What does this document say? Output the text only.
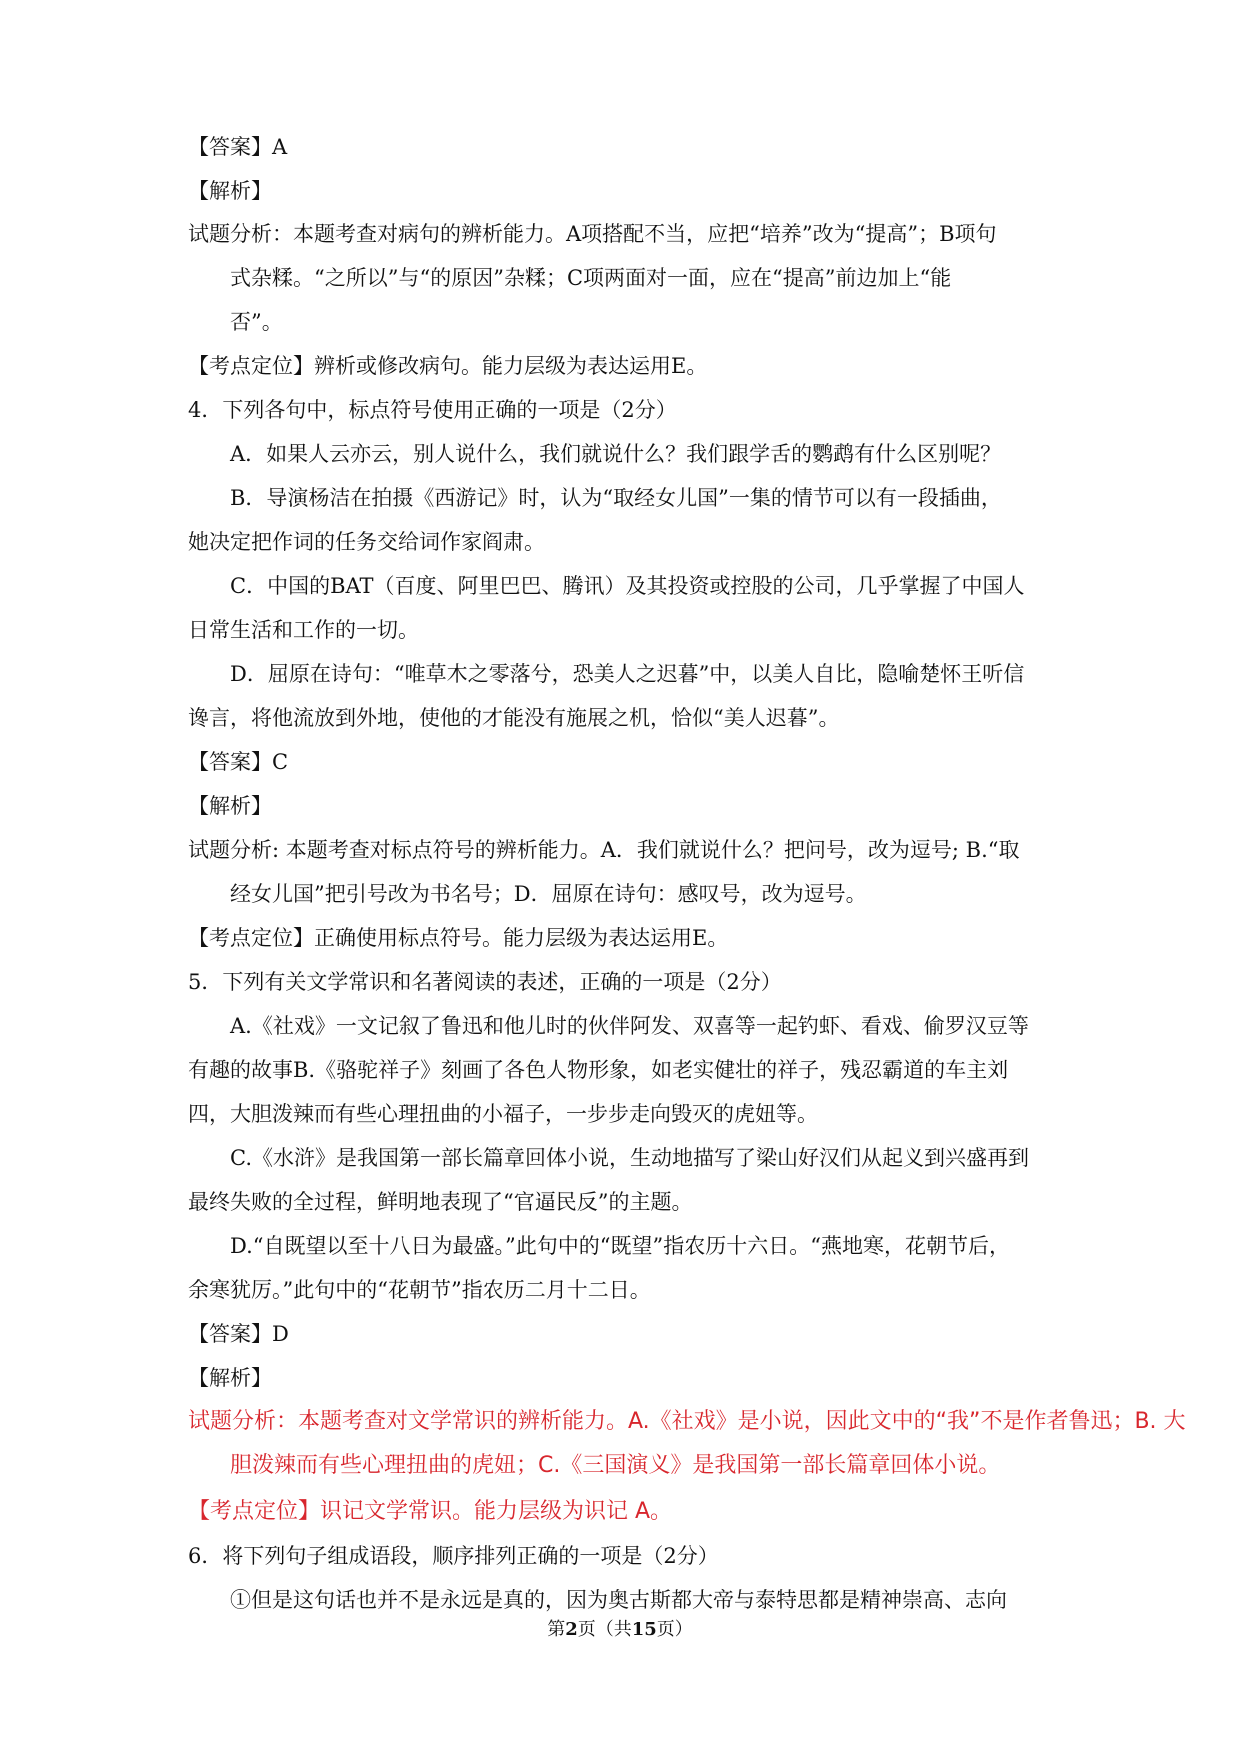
【答案】A
【解析】
试题分析：本题考查对病句的辨析能力。A项搭配不当，应把“培养”改为“提高”；B项句
式杂糅。“之所以”与“的原因”杂糅；C项两面对一面，应在“提高”前边加上“能
否”。
【考点定位】辨析或修改病句。能力层级为表达运用E。
4．下列各句中，标点符号使用正确的一项是（2分）
A．如果人云亦云，别人说什么，我们就说什么？我们跟学舌的鹦鹉有什么区别呢？
B．导演杨洁在拍摄《西游记》时，认为“取经女儿国”一集的情节可以有一段插曲，
她决定把作词的任务交给词作家阎肃。
C．中国的BAT（百度、阿里巴巴、腾讯）及其投资或控股的公司，几乎掌握了中国人
日常生活和工作的一切。
D．屈原在诗句：“唯草木之零落兮，恐美人之迟暮”中，以美人自比，隐喻楚怀王听信
谗言，将他流放到外地，使他的才能没有施展之机，恰似“美人迟暮”。
【答案】C
【解析】
试题分析: 本题考查对标点符号的辨析能力。A．我们就说什么？把问号，改为逗号; B.“取
经女儿国”把引号改为书名号；D．屈原在诗句：感叹号，改为逗号。
【考点定位】正确使用标点符号。能力层级为表达运用E。
5．下列有关文学常识和名著阅读的表述，正确的一项是（2分）
A.《社戏》一文记叙了鲁迅和他儿时的伙伴阿发、双喜等一起钓虾、看戏、偷罗汉豆等
有趣的故事B.《骆驼祥子》刻画了各色人物形象，如老实健壮的祥子，残忍霸道的车主刘
四，大胆泼辣而有些心理扭曲的小福子，一步步走向毁灭的虎妞等。
C.《水浒》是我国第一部长篇章回体小说，生动地描写了梁山好汉们从起义到兴盛再到
最终失败的全过程，鲜明地表现了“官逼民反”的主题。
D.“自既望以至十八日为最盛。”此句中的“既望”指农历十六日。“燕地寒，花朝节后，
余寒犹厉。”此句中的“花朝节”指农历二月十二日。
【答案】D
【解析】
试题分析：本题考查对文学常识的辨析能力。A.《社戏》是小说，因此文中的“我”不是作者鲁迅；B. 大
胆泼辣而有些心理扭曲的虎妞；C.《三国演义》是我国第一部长篇章回体小说。
【考点定位】识记文学常识。能力层级为识记 A。
6．将下列句子组成语段，顺序排列正确的一项是（2分）
①但是这句话也并不是永远是真的，因为奥古斯都大帝与泰特思都是精神崇高、志向
第2页（共15页）
